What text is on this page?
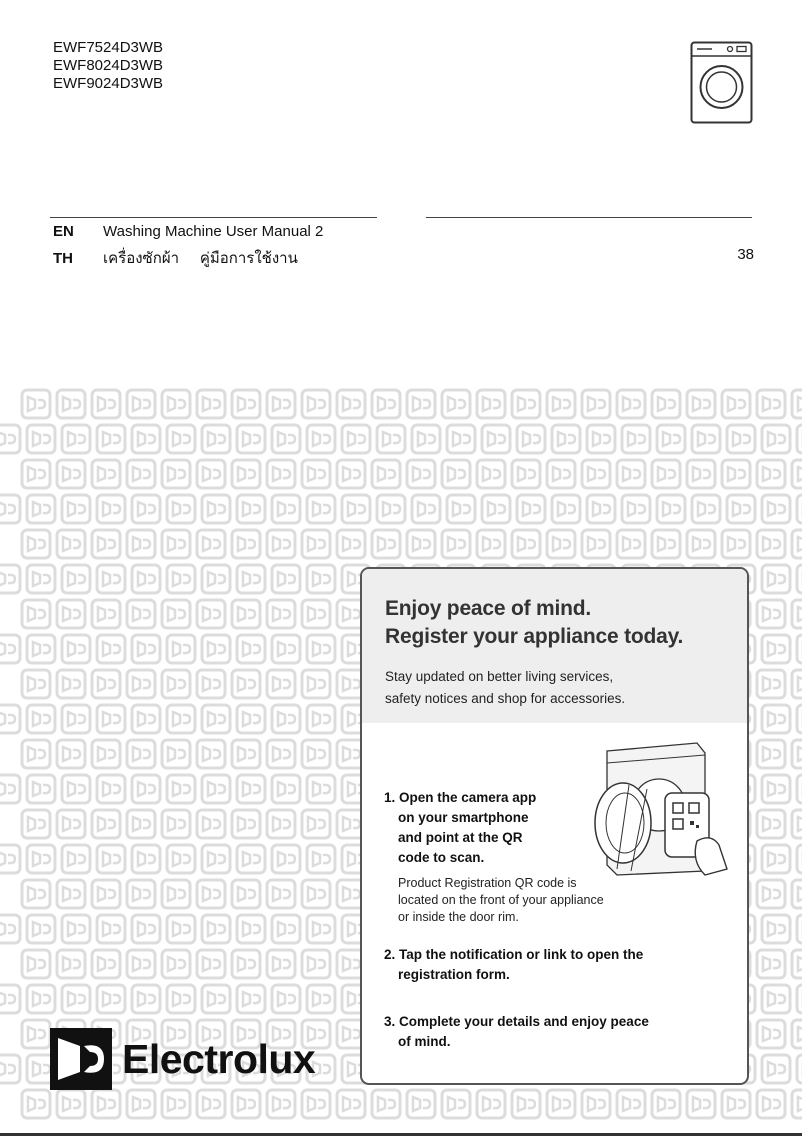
EWF7524D3WB
EWF8024D3WB
EWF9024D3WB
EN Washing Machine User Manual 2
TH เครื่องซักผ้า     คู่มือการใช้งาน	38
Enjoy peace of mind.
Register your appliance today.
Stay updated on better living services,
safety notices and shop for accessories.
1. Open the camera app
on your smartphone
and point at the QR
code to scan.
Product Registration QR code is
located on the front of your appliance
or inside the door rim.
2. Tap the notification or link to open the
registration form.
3. Complete your details and enjoy peace
of mind.
Electrolux
